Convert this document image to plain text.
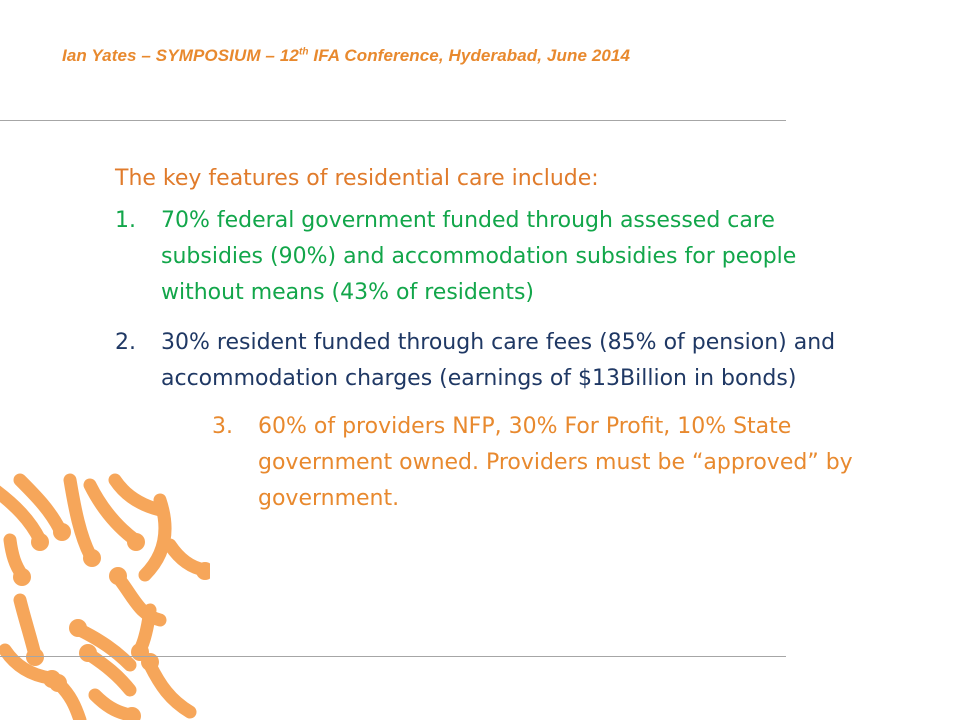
Ian Yates – SYMPOSIUM – 12th IFA Conference, Hyderabad, June 2014
The key features of residential care include:
1.	70% federal government funded through assessed care subsidies (90%) and accommodation subsidies for people without means (43% of residents)
2.	30% resident funded through care fees (85% of pension) and accommodation charges (earnings of $13Billion in bonds)
3.	60% of providers NFP, 30% For Profit, 10% State government owned. Providers must be “approved” by government.
